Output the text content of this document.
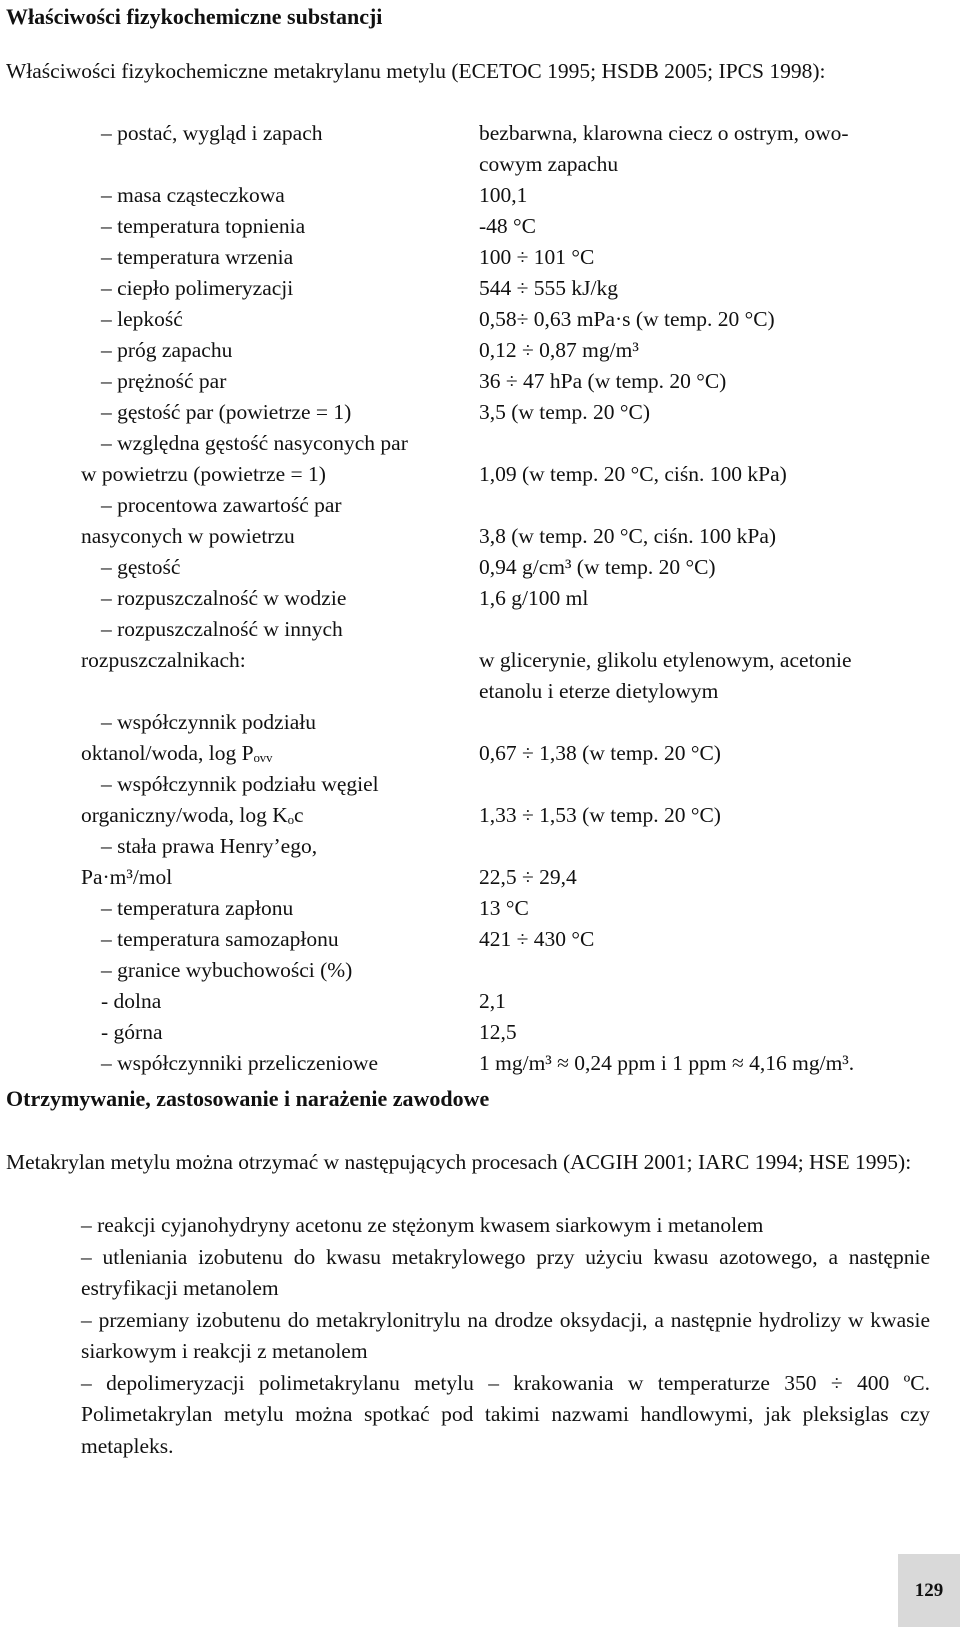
Właściwości fizykochemiczne substancji
Właściwości fizykochemiczne metakrylanu metylu (ECETOC 1995; HSDB 2005; IPCS 1998):
– postać, wygląd i zapach
	bezbarwna, klarowna ciecz o ostrym, owo-
cowym zapachu
– masa cząsteczkowa	100,1
– temperatura topnienia	-48 °C
– temperatura wrzenia	100 ÷ 101 °C
– ciepło polimeryzacji	544 ÷ 555 kJ/kg
– lepkość	0,58÷ 0,63 mPa·s (w temp. 20 °C)
– próg zapachu	0,12 ÷ 0,87 mg/m³
– prężność par	36 ÷ 47 hPa (w temp. 20 °C)
– gęstość par (powietrze = 1)	3,5 (w temp. 20 °C)
– względna gęstość nasyconych par
w powietrzu (powietrze = 1)
	1,09 (w temp. 20 °C, ciśn. 100 kPa)
– procentowa zawartość par
nasyconych w powietrzu
	3,8 (w temp. 20 °C, ciśn. 100 kPa)
– gęstość	0,94 g/cm³ (w temp. 20 °C)
– rozpuszczalność w wodzie	1,6 g/100 ml
– rozpuszczalność w innych
rozpuszczalnikach:

	w glicerynie, glikolu etylenowym, acetonie
etanolu i eterze dietylowym
– współczynnik podziału
oktanol/woda, log Pₒᵥᵥ
	0,67 ÷ 1,38 (w temp. 20 °C)
– współczynnik podziału węgiel
organiczny/woda, log Kₒc
	1,33 ÷ 1,53 (w temp. 20 °C)
– stała prawa Henry’ego,
Pa·m³/mol
	22,5 ÷ 29,4
– temperatura zapłonu	13 °C
– temperatura samozapłonu	421 ÷ 430 °C
– granice wybuchowości (%)

- dolna	2,1
- górna	12,5
– współczynniki przeliczeniowe	1 mg/m³ ≈ 0,24 ppm i 1 ppm ≈ 4,16 mg/m³.
Otrzymywanie, zastosowanie i narażenie zawodowe
Metakrylan metylu można otrzymać w następujących procesach (ACGIH 2001; IARC 1994; HSE 1995):
– reakcji cyjanohydryny acetonu ze stężonym kwasem siarkowym i metanolem
– utleniania izobutenu do kwasu metakrylowego przy użyciu kwasu azotowego, a następnie estryfikacji metanolem
– przemiany izobutenu do metakrylonitrylu na drodze oksydacji, a następnie hydrolizy w kwasie siarkowym i reakcji z metanolem
– depolimeryzacji polimetakrylanu metylu – krakowania w temperaturze 350 ÷ 400 ºC. Polimetakrylan metylu można spotkać pod takimi nazwami handlowymi, jak pleksiglas czy metapleks.
129
